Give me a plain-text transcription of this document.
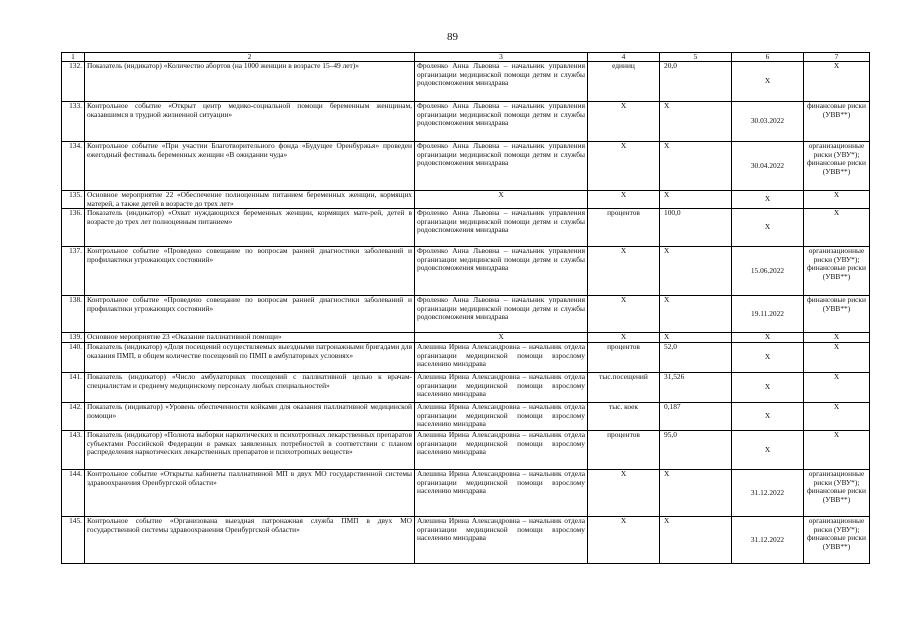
89
1	2	3	4	5	6	7
132.	Показатель (индикатор) «Количество абортов (на 1000 женщин в возрасте 15–49 лет)»	Фроленко Анна Львовна – начальник управления организации медицинской помощи детям и службы родовспоможения минздрава	единиц	20,0	X	X
133.	Контрольное событие «Открыт центр медико-социальной помощи беременным женщинам, оказавшимся в трудной жизненной ситуации»	Фроленко Анна Львовна – начальник управления организации медицинской помощи детям и службы родовспоможения минздрава	X	X	30.03.2022	финансовые риски (УВВ**)
134.	Контрольное событие «При участии Благотворительного фонда «Будущее Оренбуржья» проведен ежегодный фестиваль беременных женщин «В ожидании чуда»	Фроленко Анна Львовна – начальник управления организации медицинской помощи детям и службы родовспоможения минздрава	X	X	30.04.2022	организационные риски (УВУ*); финансовые риски (УВВ**)
135.	Основное мероприятие 22 «Обеспечение полноценным питанием беременных женщин, кормящих матерей, а также детей в возрасте до трех лет»	X	X	X	X	X
136.	Показатель (индикатор) «Охват нуждающихся беременных женщин, кормящих мате-рей, детей в возрасте до трех лет полноценным питанием»	Фроленко Анна Львовна – начальник управления организации медицинской помощи детям и службы родовспоможения минздрава	процентов	100,0	X	X
137.	Контрольное событие «Проведено совещание по вопросам ранней диагностики заболеваний и профилактики угрожающих состояний»	Фроленко Анна Львовна – начальник управления организации медицинской помощи детям и службы родовспоможения минздрава	X	X	15.06.2022	организационные риски (УВУ*); финансовые риски (УВВ**)
138.	Контрольное событие «Проведено совещание по вопросам ранней диагностики заболеваний и профилактики угрожающих состояний»	Фроленко Анна Львовна – начальник управления организации медицинской помощи детям и службы родовспоможения минздрава	X	X	19.11.2022	финансовые риски (УВВ**)
139.	Основное мероприятие 23 «Оказание паллиативной помощи»	X	X	X	X	X
140.	Показатель (индикатор) «Доля посещений осуществляемых выездными патронажными бригадами для оказания ПМП, в общем количестве посещений по ПМП в амбулаторных условиях»	Алешина Ирина Александровна – начальник отдела организации медицинской помощи взрослому населению минздрава	процентов	52,0	X	X
141.	Показатель (индикатор) «Число амбулаторных посещений с паллиативной целью к врачам-специалистам и среднему медицинскому персоналу любых специальностей»	Алешина Ирина Александровна – начальник отдела организации медицинской помощи взрослому населению минздрава	тыс.посещений	31,526	X	X
142.	Показатель (индикатор) «Уровень обеспеченности койками для оказания паллиативной медицинской помощи»	Алешина Ирина Александровна – начальник отдела организации медицинской помощи взрослому населению минздрава	тыс. коек	0,187	X	X
143.	Показатель (индикатор) «Полнота выборки наркотических и психотропных лекарственных препаратов субъектами Российской Федерации в рамках заявленных потребностей в соответствии с планом распределения наркотических лекарственных препаратов и психотропных веществ»	Алешина Ирина Александровна – начальник отдела организации медицинской помощи взрослому населению минздрава	процентов	95,0	X	X
144.	Контрольное событие «Открыты кабинеты паллиативной МП в двух МО государственной системы здравоохранения Оренбургской области»	Алешина Ирина Александровна – начальник отдела организации медицинской помощи взрослому населению минздрава	X	X	31.12.2022	организационные риски (УВУ*); финансовые риски (УВВ**)
145.	Контрольное событие «Организована выездная патронажная служба ПМП в двух МО государственной системы здравоохранения Оренбургской области»	Алешина Ирина Александровна – начальник отдела организации медицинской помощи взрослому населению минздрава	X	X	31.12.2022	организационные риски (УВУ*); финансовые риски (УВВ**)
